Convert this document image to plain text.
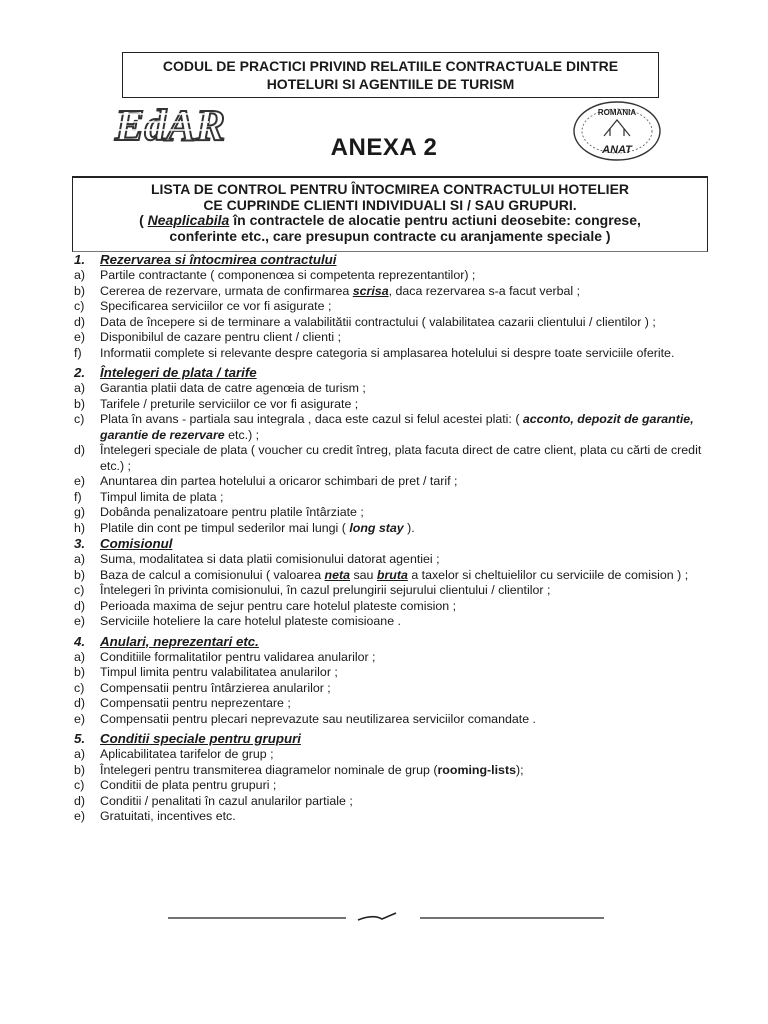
CODUL DE PRACTICI PRIVIND RELATIILE CONTRACTUALE DINTRE
HOTELURI SI AGENTIILE DE TURISM
EdAR	ROMANIA
ANAT
ANEXA 2
LISTA DE CONTROL PENTRU ÎNTOCMIREA CONTRACTULUI HOTELIER
CE CUPRINDE CLIENTI INDIVIDUALI SI / SAU GRUPURI.
( Neaplicabila în contractele de alocatie pentru actiuni deosebite: congrese,
conferinte etc., care presupun contracte cu aranjamente speciale )
1.	Rezervarea si întocmirea contractului
a)	Partile contractante ( componenœa si competenta reprezentantilor) ;
b)	Cererea de rezervare, urmata de confirmarea scrisa, daca rezervarea s-a facut verbal ;
c)	Specificarea serviciilor ce vor fi asigurate ;
d)	Data de începere si de terminare a valabilitătii contractului ( valabilitatea cazarii clientului / clientilor ) ;
e)	Disponibilul de cazare pentru client / clienti ;
f)	Informatii complete si relevante despre categoria si amplasarea hotelului si despre toate serviciile oferite.
2.	Întelegeri de plata / tarife
a)	Garantia platii data de catre agenœia de turism ;
b)	Tarifele / preturile serviciilor ce vor fi asigurate ;
c)	Plata în avans - partiala sau integrala , daca este cazul si felul acestei plati: ( acconto, depozit de garantie, garantie de rezervare etc.) ;
d)	Întelegeri speciale de plata ( voucher cu credit întreg, plata facuta direct de catre client, plata cu cărti de credit etc.) ;
e)	Anuntarea din partea hotelului a oricaror schimbari de pret / tarif ;
f)	Timpul limita de plata ;
g)	Dobânda penalizatoare pentru platile întârziate ;
h)	Platile din cont pe timpul sederilor mai lungi ( long stay ).
3.	Comisionul
a)	Suma, modalitatea si data platii comisionului datorat agentiei ;
b)	Baza de calcul a comisionului ( valoarea neta sau bruta a taxelor si cheltuielilor cu serviciile de comision ) ;
c)	Întelegeri în privinta comisionului, în cazul prelungirii sejurului clientului / clientilor ;
d)	Perioada maxima de sejur pentru care hotelul plateste comision ;
e)	Serviciile hoteliere la care hotelul plateste comisioane .
4.	Anulari, neprezentari etc.
a)	Conditiile formalitatilor pentru validarea anularilor ;
b)	Timpul limita pentru valabilitatea anularilor ;
c)	Compensatii pentru întârzierea anularilor ;
d)	Compensatii pentru neprezentare ;
e)	Compensatii pentru plecari neprevazute sau neutilizarea serviciilor comandate .
5.	Conditii speciale pentru grupuri
a)	Aplicabilitatea tarifelor de grup ;
b)	Întelegeri pentru transmiterea diagramelor nominale de grup (rooming-lists);
c)	Conditii de plata pentru grupuri ;
d)	Conditii / penalitati în cazul anularilor partiale ;
e)	Gratuitati, incentives etc.
